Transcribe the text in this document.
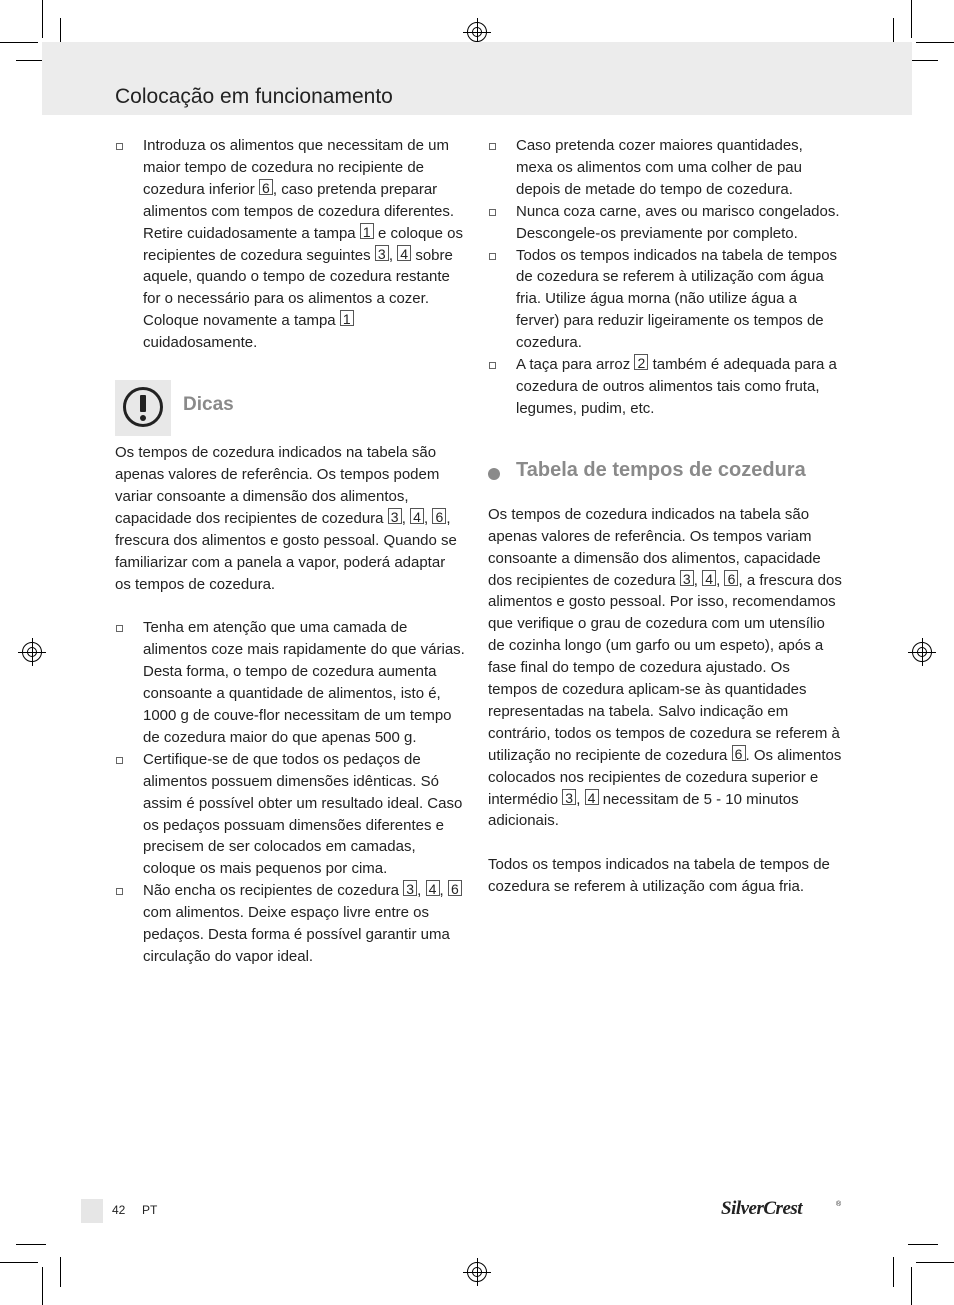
Colocação em funcionamento
Introduza os alimentos que necessitam de um maior tempo de cozedura no recipiente de cozedura inferior 6 , caso pretenda preparar alimentos com tempos de cozedura diferentes. Retire cuidadosamente a tampa 1 e coloque os recipientes de cozedura seguintes 3 , 4 sobre aquele, quando o tempo de cozedura restante for o necessário para os alimentos a cozer. Coloque novamente a tampa 1 cuidadosamente.
Dicas

Os tempos de cozedura indicados na tabela são apenas valores de referência. Os tempos podem variar consoante a dimensão dos alimentos, capacidade dos recipientes de cozedura 3 , 4 , 6 , frescura dos alimentos e gosto pessoal. Quando se familiarizar com a panela a vapor, poderá adaptar os tempos de cozedura.

Tenha em atenção que uma camada de alimentos coze mais rapidamente do que várias. Desta forma, o tempo de cozedura aumenta consoante a quantidade de alimentos, isto é, 1000 g de couve-flor necessitam de um tempo de cozedura maior do que apenas 500 g.
Certifique-se de que todos os pedaços de alimentos possuem dimensões idênticas. Só assim é possível obter um resultado ideal. Caso os pedaços possuam dimensões diferentes e precisem de ser colocados em camadas, coloque os mais pequenos por cima.
Não encha os recipientes de cozedura 3 , 4 , 6 com alimentos. Deixe espaço livre entre os pedaços. Desta forma é possível garantir uma circulação do vapor ideal.
Caso pretenda cozer maiores quantidades, mexa os alimentos com uma colher de pau depois de metade do tempo de cozedura.
Nunca coza carne, aves ou marisco congelados. Descongele-os previamente por completo.
Todos os tempos indicados na tabela de tempos de cozedura se referem à utilização com água fria. Utilize água morna (não utilize água a ferver) para reduzir ligeiramente os tempos de cozedura.
A taça para arroz 2 também é adequada para a cozedura de outros alimentos tais como fruta, legumes, pudim, etc.
Tabela de tempos de cozedura

Os tempos de cozedura indicados na tabela são apenas valores de referência. Os tempos variam consoante a dimensão dos alimentos, capacidade dos recipientes de cozedura 3 , 4 , 6 , a frescura dos alimentos e gosto pessoal. Por isso, recomendamos que verifique o grau de cozedura com um utensílio de cozinha longo (um garfo ou um espeto), após a fase final do tempo de cozedura ajustado. Os tempos de cozedura aplicam-se às quantidades representadas na tabela. Salvo indicação em contrário, todos os tempos de cozedura se referem à utilização no recipiente de cozedura 6 . Os alimentos colocados nos recipientes de cozedura superior e intermédio 3 , 4 necessitam de 5 - 10 minutos adicionais.

Todos os tempos indicados na tabela de tempos de cozedura se referem à utilização com água fria.

42 PT	SilverCrest	®
